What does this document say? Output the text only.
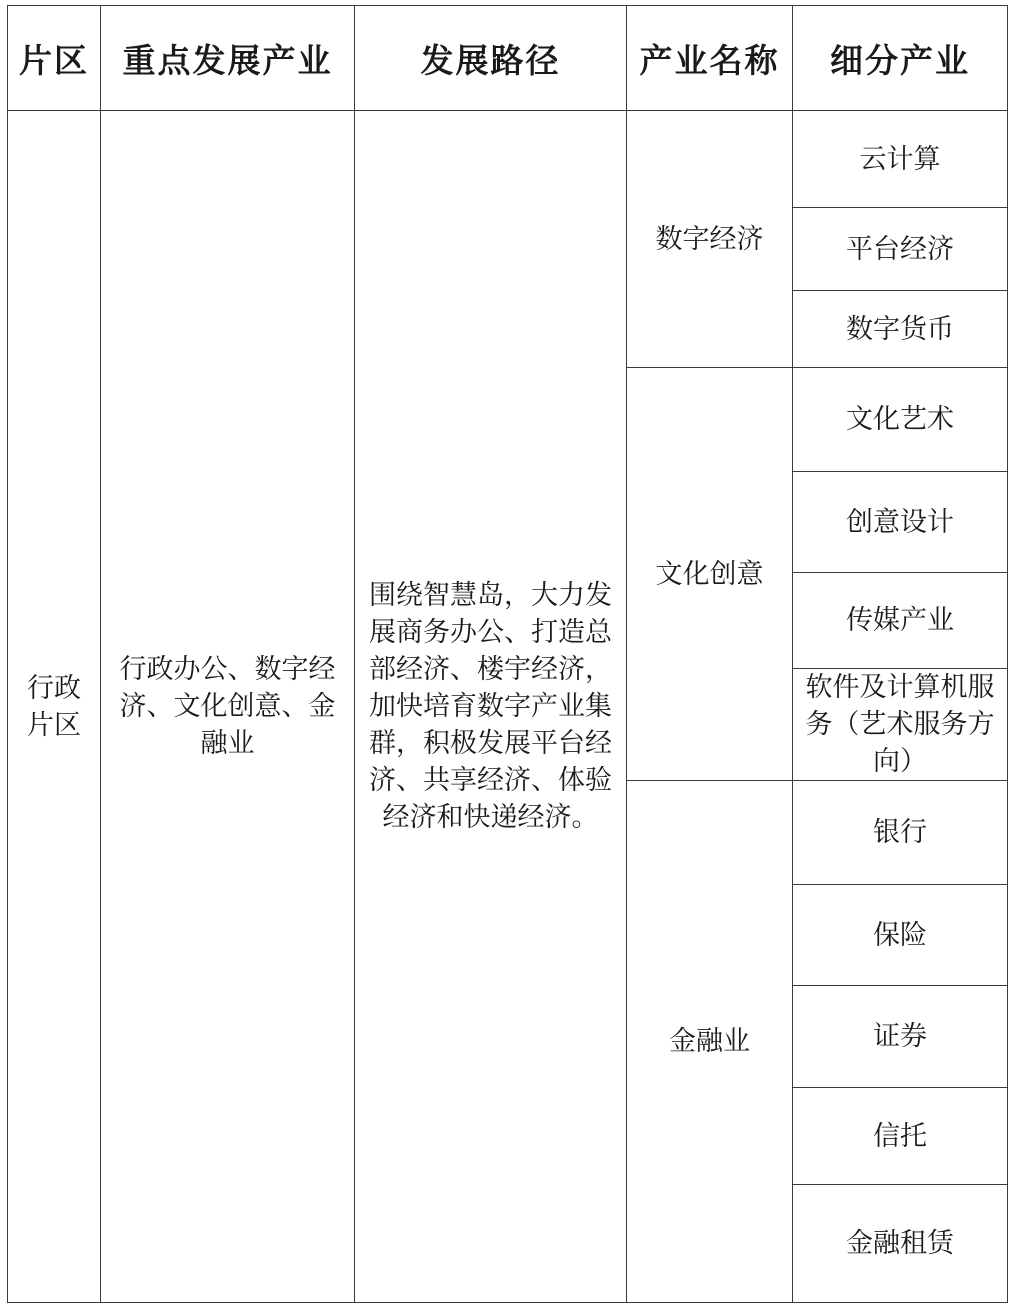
片区	重点发展产业	发展路径	产业名称	细分产业
行政片区	行政办公、数字经济、文化创意、金融业	围绕智慧岛，大力发展商务办公、打造总部经济、楼宇经济，加快培育数字产业集群，积极发展平台经济、共享经济、体验经济和快递经济。	数字经济	云计算
				平台经济
				数字货币
			文化创意	文化艺术
				创意设计
				传媒产业
				软件及计算机服务（艺术服务方向）
			金融业	银行
				保险
				证券
				信托
				金融租赁
